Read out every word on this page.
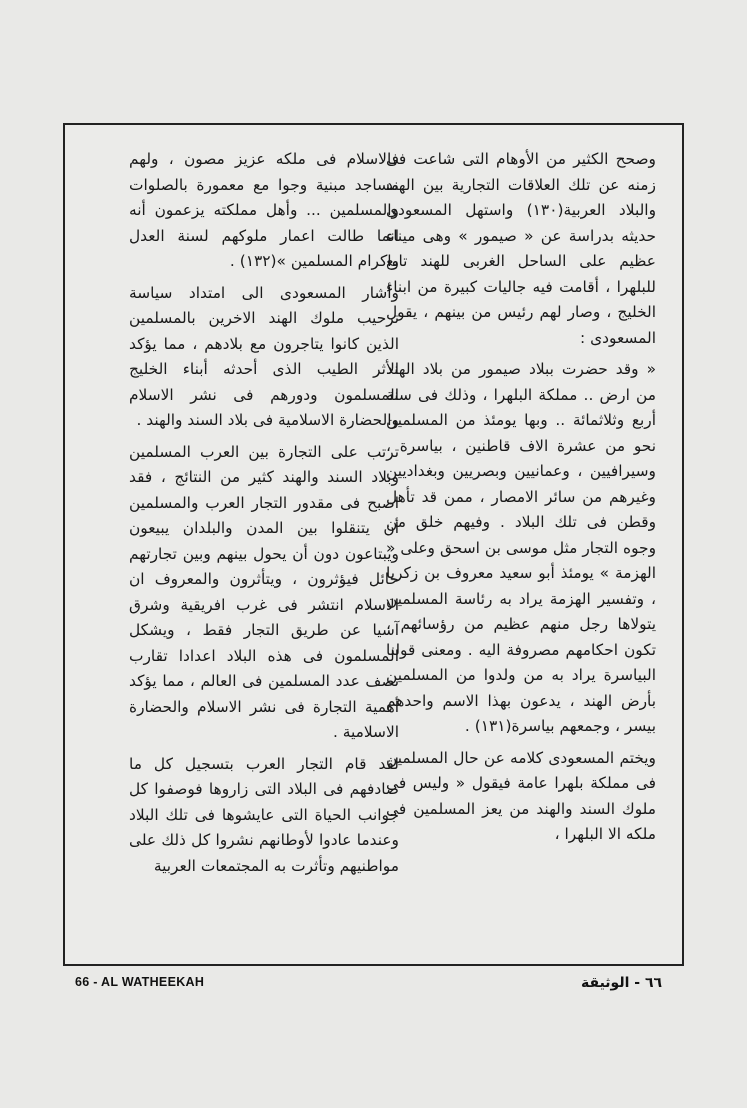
وصحح الكثير من الأوهام التى شاعت فى زمنه عن تلك العلاقات التجارية بين الهند والبلاد العربية(١٣٠) واستهل المسعودى حديثه بدراسة عن « صيمور » وهى ميناء عظيم على الساحل الغربى للهند تابع للبلهرا ، أقامت فيه جاليات كبيرة من ابناء الخليج ، وصار لهم رئيس من بينهم ، يقول المسعودى :

« وقد حضرت ببلاد صيمور من بلاد الهند من ارض .. مملكة البلهرا ، وذلك فى سنة أربع وثلاثمائة .. وبها يومئذ من المسلمين نحو من عشرة الاف قاطنين ، بياسرة ، وسيرافيين ، وعمانيين وبصريين وبغداديين وغيرهم من سائر الامصار ، ممن قد تأهل وقطن فى تلك البلاد . وفيهم خلق من وجوه التجار مثل موسى بن اسحق وعلى « الهزمة » يومئذ أبو سعيد معروف بن زكريا ، وتفسير الهزمة يراد به رئاسة المسلمين يتولاها رجل منهم عظيم من رؤسائهم ، تكون احكامهم مصروفة اليه . ومعنى قولنا البياسرة يراد به من ولدوا من المسلمين بأرض الهند ، يدعون بهذا الاسم واحدهم بيسر ، وجمعهم بياسرة(١٣١) .

ويختم المسعودى كلامه عن حال المسلمين فى مملكة بلهرا عامة فيقول « وليس فى ملوك السند والهند من يعز المسلمين فى ملكه الا البلهرا ،

فالاسلام فى ملكه عزيز مصون ، ولهم مساجد مبنية وجوا مع معمورة بالصلوات والمسلمين ... وأهل مملكته يزعمون أنه انما طالت اعمار ملوكهم لسنة العدل واكرام المسلمين »(١٣٢) .

وأشار المسعودى الى امتداد سياسة ترحيب ملوك الهند الاخرين بالمسلمين الذين كانوا يتاجرون مع بلادهم ، مما يؤكد الأثر الطيب الذى أحدثه أبناء الخليج المسلمون ودورهم فى نشر الاسلام والحضارة الاسلامية فى بلاد السند والهند .

ترتب على التجارة بين العرب المسلمين وبلاد السند والهند كثير من النتائج ، فقد اصبح فى مقدور التجار العرب والمسلمين أن يتنقلوا بين المدن والبلدان يبيعون ويبتاعون دون أن يحول بينهم وبين تجارتهم حائل فيؤثرون ، ويتأثرون والمعروف ان الاسلام انتشر فى غرب افريقية وشرق آسيا عن طريق التجار فقط ، ويشكل المسلمون فى هذه البلاد اعدادا تقارب نصف عدد المسلمين فى العالم ، مما يؤكد أهمية التجارة فى نشر الاسلام والحضارة الاسلامية .

لقد قام التجار العرب بتسجيل كل ما صادفهم فى البلاد التى زاروها فوصفوا كل جوانب الحياة التى عايشوها فى تلك البلاد وعندما عادوا لأوطانهم نشروا كل ذلك على مواطنيهم وتأثرت به المجتمعات العربية

66 - AL WATHEEKAH	٦٦ - الوثيقة
